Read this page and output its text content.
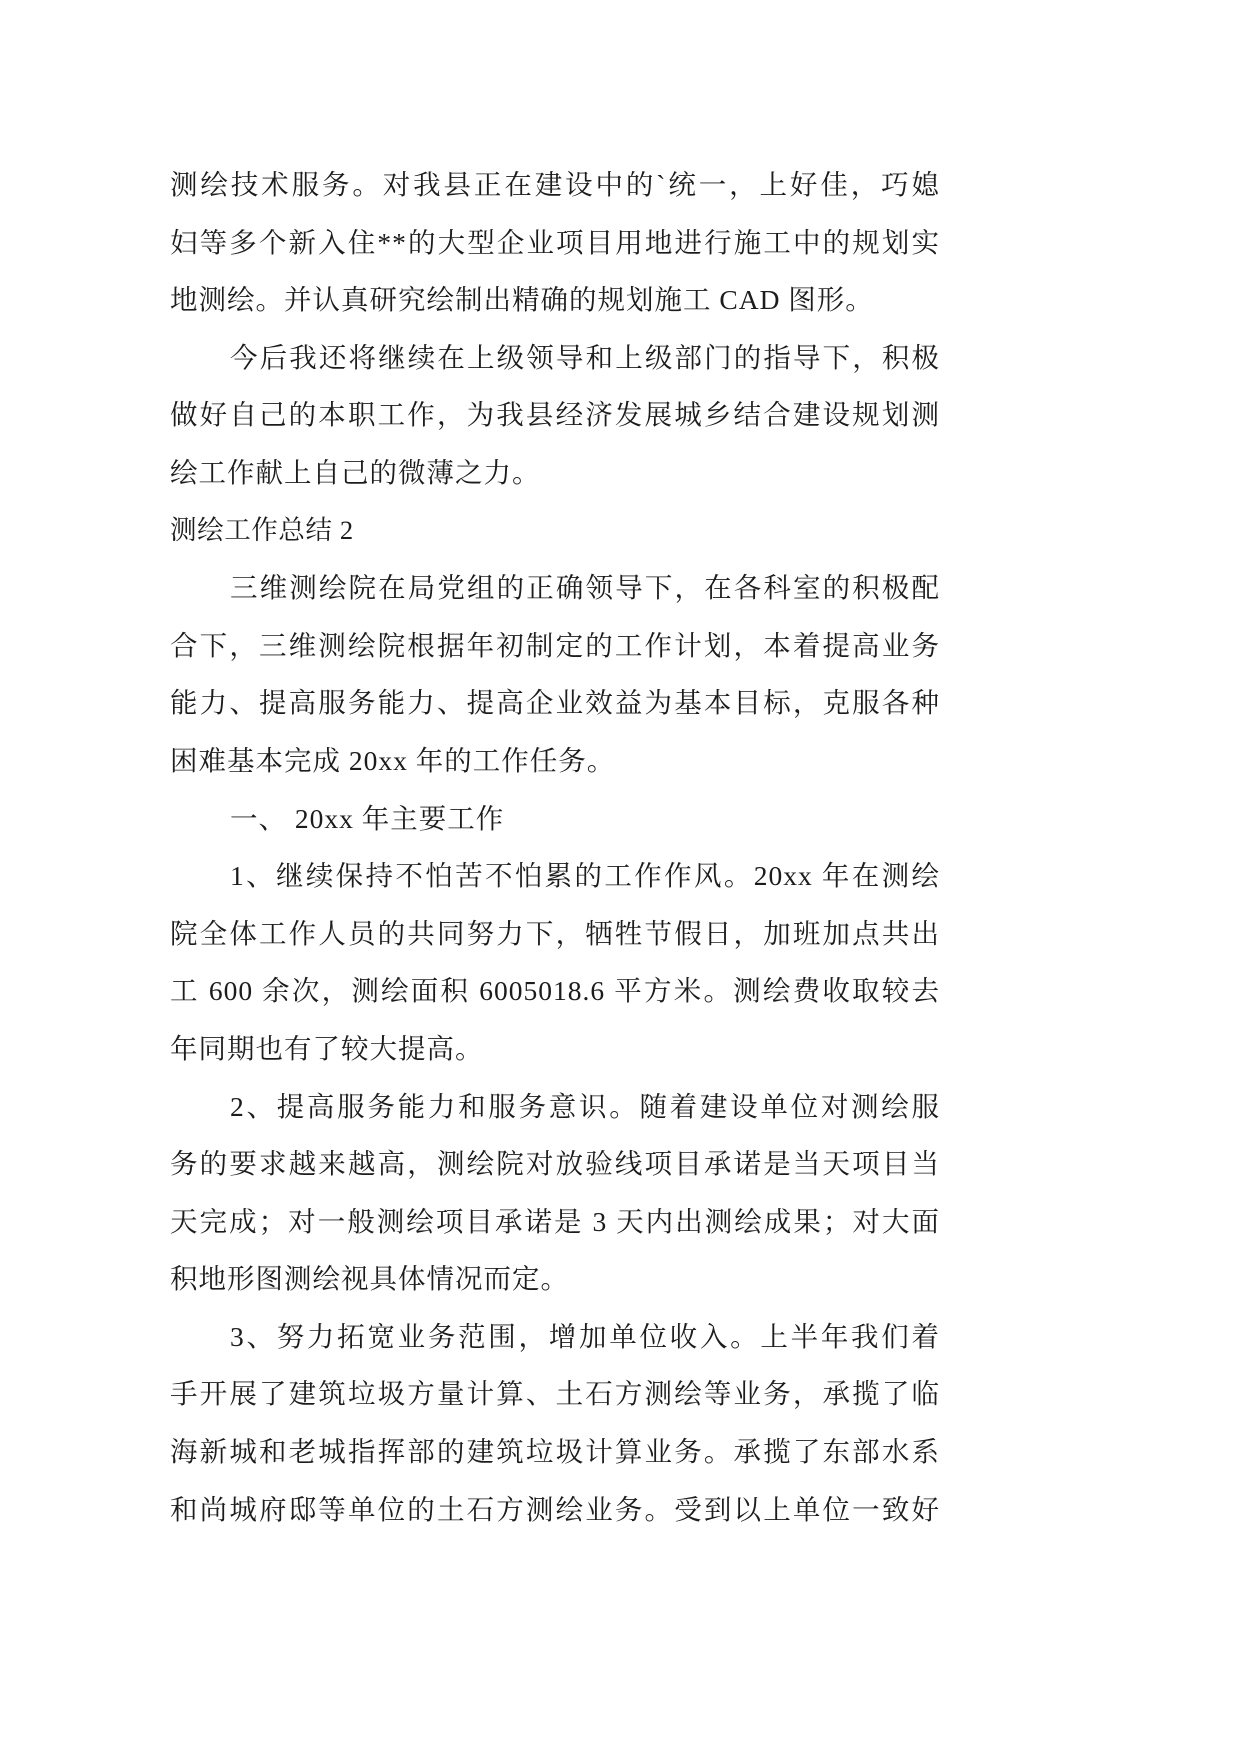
测绘技术服务。对我县正在建设中的`统一，上好佳，巧媳
妇等多个新入住**的大型企业项目用地进行施工中的规划实
地测绘。并认真研究绘制出精确的规划施工 CAD 图形。
今后我还将继续在上级领导和上级部门的指导下，积极
做好自己的本职工作，为我县经济发展城乡结合建设规划测
绘工作献上自己的微薄之力。
测绘工作总结 2
三维测绘院在局党组的正确领导下，在各科室的积极配
合下，三维测绘院根据年初制定的工作计划，本着提高业务
能力、提高服务能力、提高企业效益为基本目标，克服各种
困难基本完成 20xx 年的工作任务。
一、 20xx 年主要工作
1、继续保持不怕苦不怕累的工作作风。20xx 年在测绘
院全体工作人员的共同努力下，牺牲节假日，加班加点共出
工 600 余次，测绘面积 6005018.6 平方米。测绘费收取较去
年同期也有了较大提高。
2、提高服务能力和服务意识。随着建设单位对测绘服
务的要求越来越高，测绘院对放验线项目承诺是当天项目当
天完成；对一般测绘项目承诺是 3 天内出测绘成果；对大面
积地形图测绘视具体情况而定。
3、努力拓宽业务范围，增加单位收入。上半年我们着
手开展了建筑垃圾方量计算、土石方测绘等业务，承揽了临
海新城和老城指挥部的建筑垃圾计算业务。承揽了东部水系
和尚城府邸等单位的土石方测绘业务。受到以上单位一致好
